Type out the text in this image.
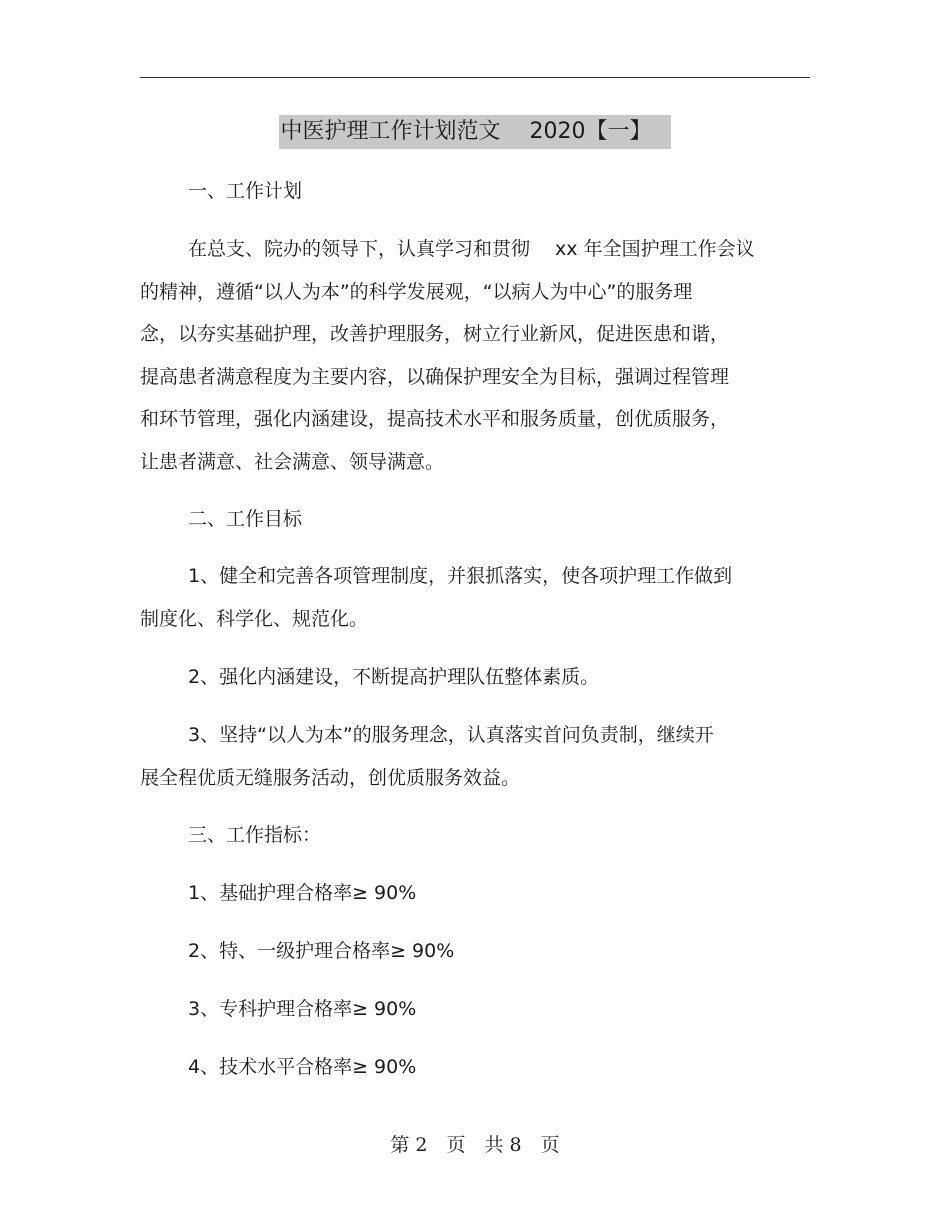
中医护理工作计划范文　 2020【一】
一、工作计划
在总支、院办的领导下，认真学习和贯彻　 xx 年全国护理工作会议
的精神，遵循“以人为本”的科学发展观，“以病人为中心”的服务理
念，以夯实基础护理，改善护理服务，树立行业新风，促进医患和谐，
提高患者满意程度为主要内容，以确保护理安全为目标，强调过程管理
和环节管理，强化内涵建设，提高技术水平和服务质量，创优质服务，
让患者满意、社会满意、领导满意。
二、工作目标
1、健全和完善各项管理制度，并狠抓落实，使各项护理工作做到
制度化、科学化、规范化。
2、强化内涵建设，不断提高护理队伍整体素质。
3、坚持“以人为本”的服务理念，认真落实首问负责制，继续开
展全程优质无缝服务活动，创优质服务效益。
三、工作指标：
1、基础护理合格率≥ 90%
2、特、一级护理合格率≥ 90%
3、专科护理合格率≥ 90%
4、技术水平合格率≥ 90%
第 2　页　共 8　页
